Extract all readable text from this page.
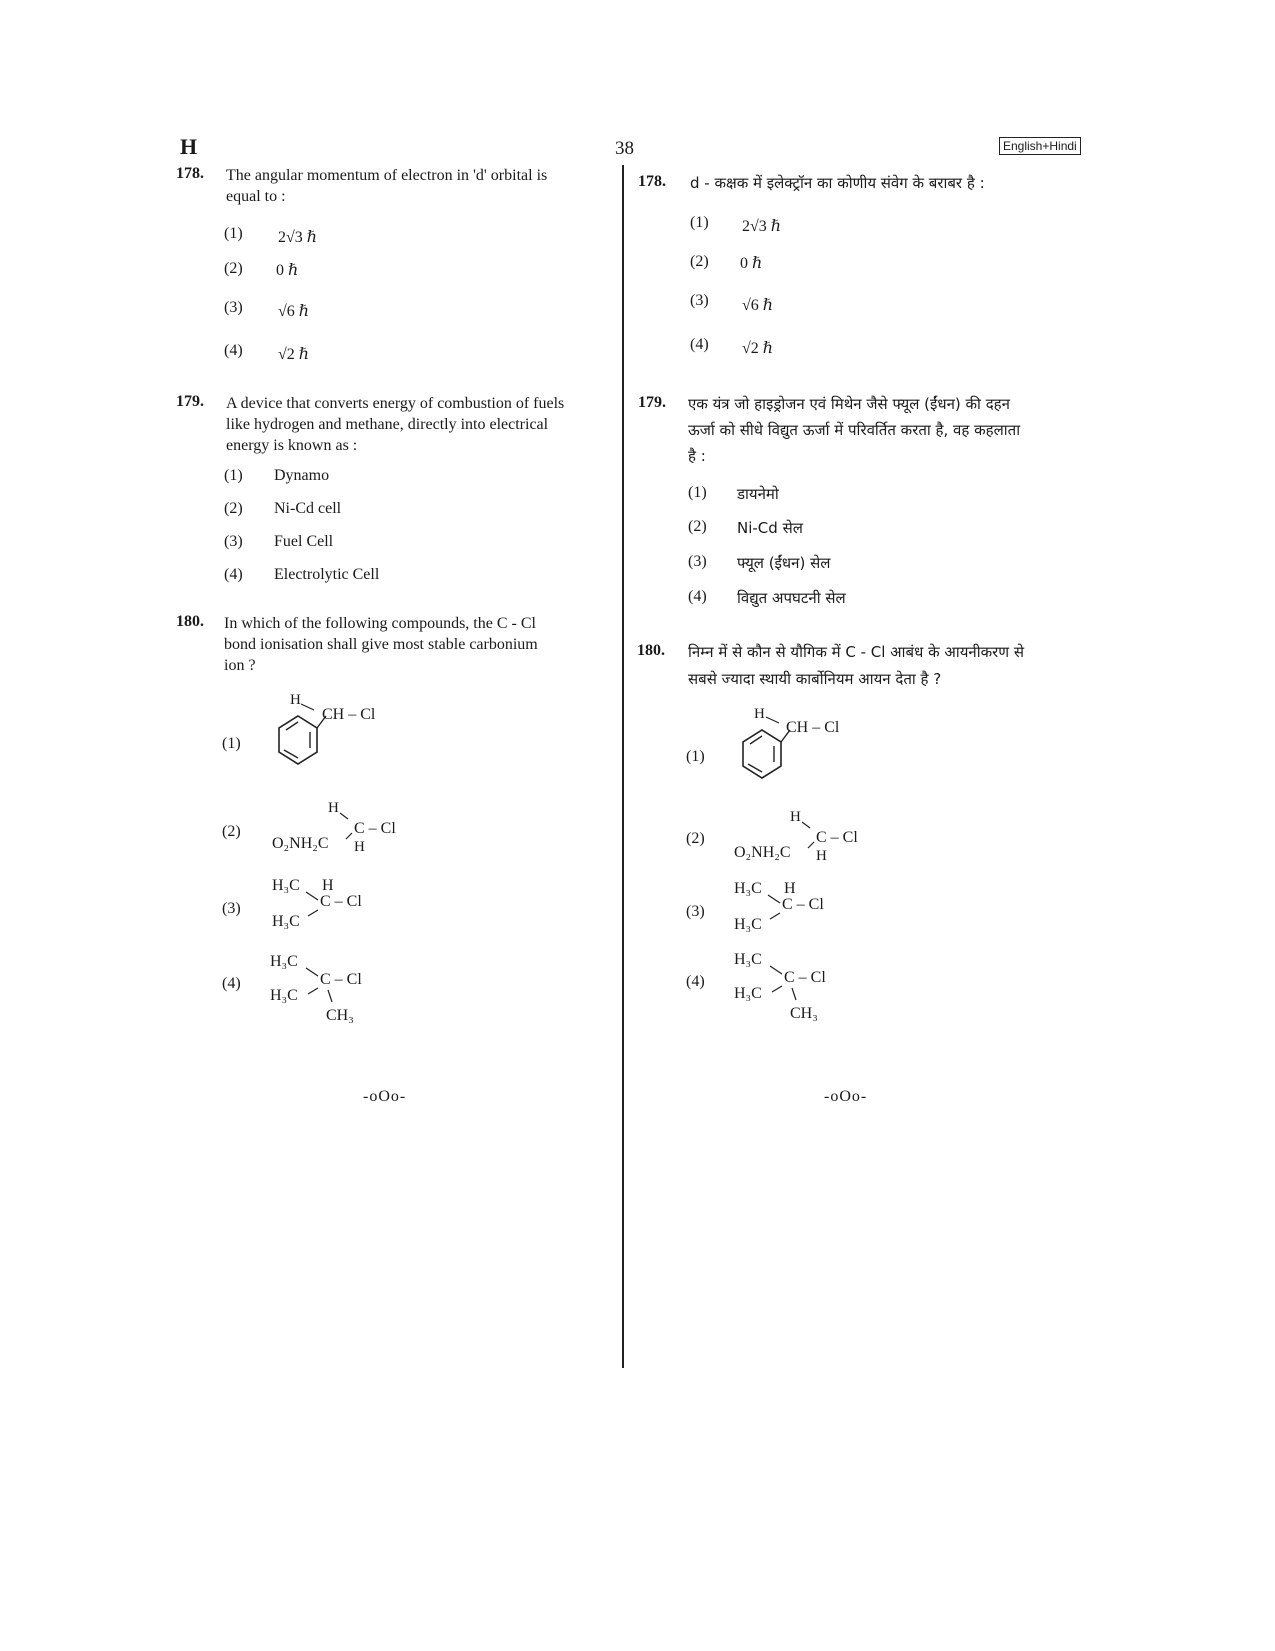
H	38	English+Hindi
178. The angular momentum of electron in 'd' orbital is
equal to :
(1) 2√3 ℏ
(2) 0 ℏ
(3) √6 ℏ
(4) √2 ℏ
179. A device that converts energy of combustion of fuels
like hydrogen and methane, directly into electrical
energy is known as :
(1) Dynamo
(2) Ni-Cd cell
(3) Fuel Cell
(4) Electrolytic Cell
180. In which of the following compounds, the C - Cl
bond ionisation shall give most stable carbonium
ion ?
(1)
(2)
(3)
(4)
H
CH – Cl
H
C – Cl
O₂NH₂C H
H₃C H
C – Cl
H₃C
H₃C
C – Cl
H₃C
CH₃
-oOo-
178. d - कक्षक में इलेक्ट्रॉन का कोणीय संवेग के बराबर है :
(1) 2√3 ℏ
(2) 0 ℏ
(3) √6 ℏ
(4) √2 ℏ
179. एक यंत्र जो हाइड्रोजन एवं मिथेन जैसे फ्यूल (ईंधन) की दहन
ऊर्जा को सीधे विद्युत ऊर्जा में परिवर्तित करता है, वह कहलाता
है :
(1) डायनेमो
(2) Ni-Cd सेल
(3) फ्यूल (ईंधन) सेल
(4) विद्युत अपघटनी सेल
180. निम्न में से कौन से यौगिक में C - Cl आबंध के आयनीकरण से
सबसे ज्यादा स्थायी कार्बोनियम आयन देता है ?
(1)
(2)
(3)
(4)
H
CH – Cl
H
C – Cl
O₂NH₂C H
H₃C H
C – Cl
H₃C
H₃C
C – Cl
H₃C
CH₃
-oOo-
